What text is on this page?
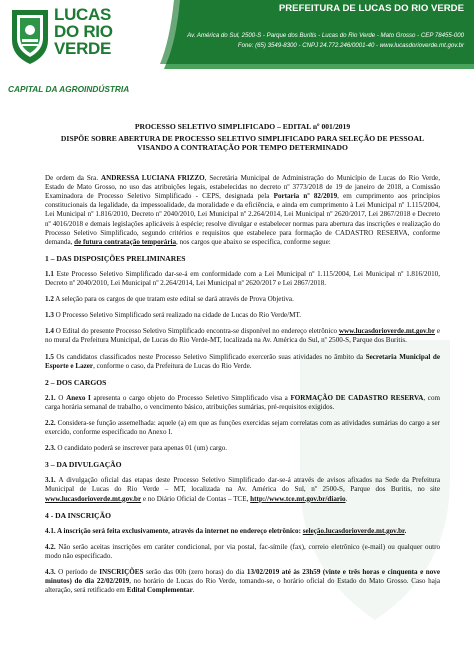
LUCAS
DO RIO
VERDE
CAPITAL DA AGROINDÚSTRIA
PREFEITURA DE LUCAS DO RIO VERDE
Av. América do Sul, 2500-S - Parque dos Buritis - Lucas do Rio Verde - Mato Grosso - CEP 78455-000
Fone: (65) 3549-8300 - CNPJ 24.772.246/0001-40 - www.lucasdorioverde.mt.gov.br
PROCESSO SELETIVO SIMPLIFICADO – EDITAL nº 001/2019
DISPÕE SOBRE ABERTURA DE PROCESSO SELETIVO SIMPLIFICADO PARA SELEÇÃO DE PESSOAL VISANDO A CONTRATAÇÃO POR TEMPO DETERMINADO

De ordem da Sra. ANDRESSA LUCIANA FRIZZO, Secretária Municipal de Administração do Município de Lucas do Rio Verde, Estado de Mato Grosso, no uso das atribuições legais, estabelecidas no decreto nº 3773/2018 de 19 de janeiro de 2018, a Comissão Examinadora de Processo Seletivo Simplificado - CEPS, designada pela Portaria nº 82/2019, em cumprimento aos princípios constitucionais da legalidade, da impessoalidade, da moralidade e da eficiência, e ainda em cumprimento à Lei Municipal nº 1.115/2004, Lei Municipal nº 1.816/2010, Decreto nº 2040/2010, Lei Municipal nº 2.264/2014, Lei Municipal nº 2620/2017, Lei 2867/2018 e Decreto nº 4016/2018 e demais legislações aplicáveis à espécie; resolve divulgar e estabelecer normas para abertura das inscrições e realização do Processo Seletivo Simplificado, segundo critérios e requisitos que estabelece para formação de CADASTRO RESERVA, conforme demanda, de futura contratação temporária, nos cargos que abaixo se especifica, conforme segue:

1 – DAS DISPOSIÇÕES PRELIMINARES

1.1 Este Processo Seletivo Simplificado dar-se-á em conformidade com a Lei Municipal nº 1.115/2004, Lei Municipal nº 1.816/2010, Decreto nº 2040/2010, Lei Municipal nº 2.264/2014, Lei Municipal nº 2620/2017 e Lei 2867/2018.

1.2 A seleção para os cargos de que tratam este edital se dará através de Prova Objetiva.

1.3 O Processo Seletivo Simplificado será realizado na cidade de Lucas do Rio Verde/MT.

1.4 O Edital do presente Processo Seletivo Simplificado encontra-se disponível no endereço eletrônico www.lucasdorioverde.mt.gov.br e no mural da Prefeitura Municipal, de Lucas do Rio Verde-MT, localizada na Av. América do Sul, nº 2500-S, Parque dos Buritis.

1.5 Os candidatos classificados neste Processo Seletivo Simplificado exercerão suas atividades no âmbito da Secretaria Municipal de Esporte e Lazer, conforme o caso, da Prefeitura de Lucas do Rio Verde.

2 – DOS CARGOS

2.1. O Anexo I apresenta o cargo objeto do Processo Seletivo Simplificado visa a FORMAÇÃO DE CADASTRO RESERVA, com carga horária semanal de trabalho, o vencimento básico, atribuições sumárias, pré-requisitos exigidos.

2.2. Considera-se função assemelhada: aquele (a) em que as funções exercidas sejam correlatas com as atividades sumárias do cargo a ser exercido, conforme especificado no Anexo I.

2.3. O candidato poderá se inscrever para apenas 01 (um) cargo.

3 – DA DIVULGAÇÃO

3.1. A divulgação oficial das etapas deste Processo Seletivo Simplificado dar-se-á através de avisos afixados na Sede da Prefeitura Municipal de Lucas do Rio Verde – MT, localizada na Av. América do Sul, nº 2500-S, Parque dos Buritis, no site www.lucasdorioverde.mt.gov.br e no Diário Oficial de Contas – TCE, http://www.tce.mt.gov.br/diario.

4 - DA INSCRIÇÃO

4.1. A inscrição será feita exclusivamente, através da internet no endereço eletrônico: seleção.lucasdorioverde.mt.gov.br.

4.2. Não serão aceitas inscrições em caráter condicional, por via postal, fac-símile (fax), correio eletrônico (e-mail) ou qualquer outro modo não especificado.

4.3. O período de INSCRIÇÕES serão das 00h (zero horas) do dia 13/02/2019 até às 23h59 (vinte e três horas e cinquenta e nove minutos) do dia 22/02/2019, no horário de Lucas do Rio Verde, tomando-se, o horário oficial do Estado do Mato Grosso. Caso haja alteração, será retificado em Edital Complementar.
